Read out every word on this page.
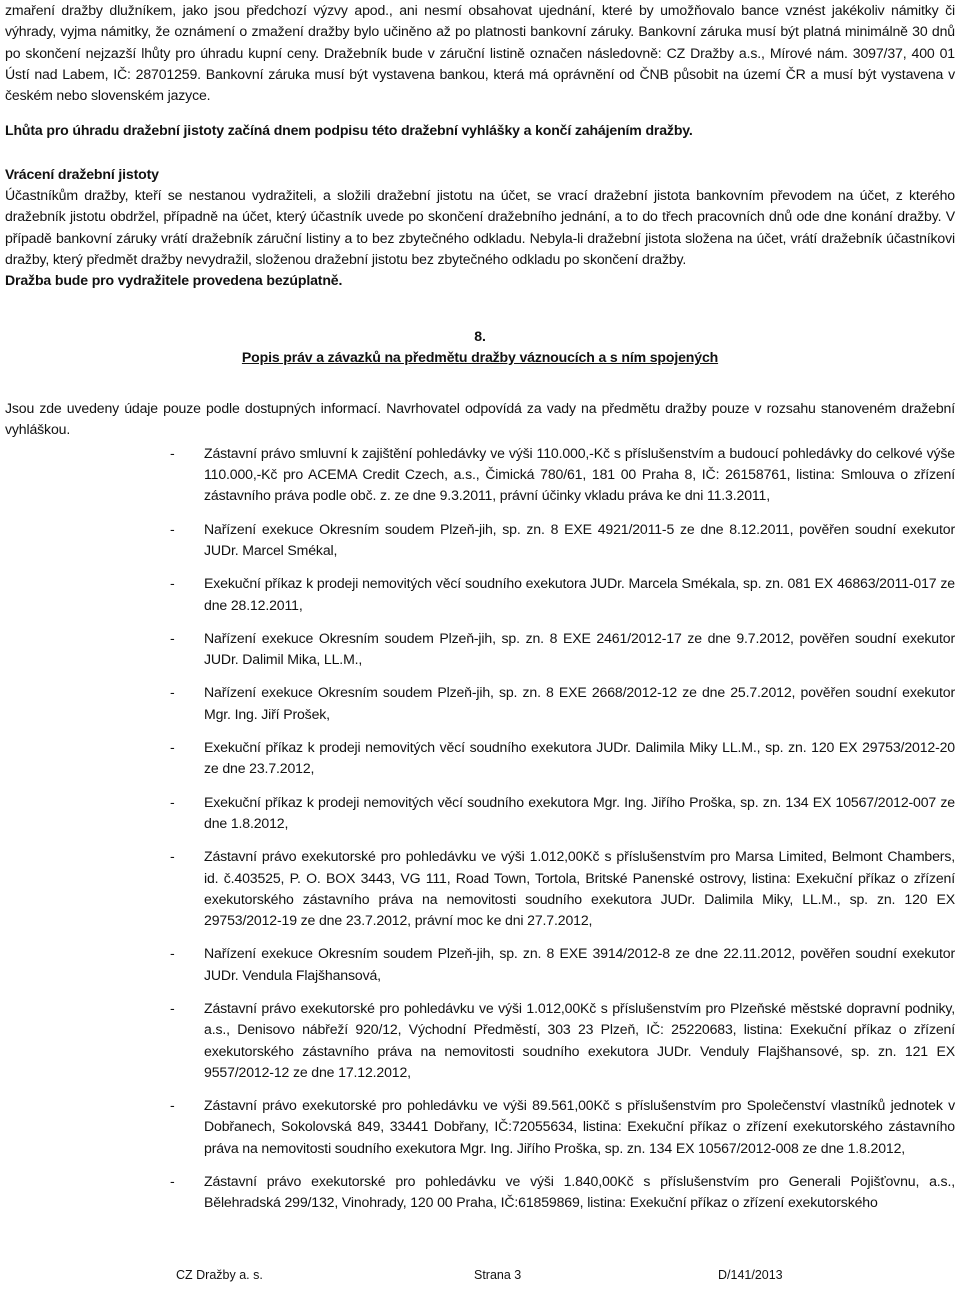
zmaření dražby dlužníkem, jako jsou předchozí výzvy apod., ani nesmí obsahovat ujednání, které by umožňovalo bance vznést jakékoliv námitky či výhrady, vyjma námitky, že oznámení o zmažení dražby bylo učiněno až po platnosti bankovní záruky. Bankovní záruka musí být platná minimálně 30 dnů po skončení nejzazší lhůty pro úhradu kupní ceny. Dražebník bude v záruční listině označen následovně: CZ Dražby a.s., Mírové nám. 3097/37, 400 01 Ústí nad Labem, IČ: 28701259. Bankovní záruka musí být vystavena bankou, která má oprávnění od ČNB působit na území ČR a musí být vystavena v českém nebo slovenském jazyce.

Lhůta pro úhradu dražební jistoty začíná dnem podpisu této dražební vyhlášky a končí zahájením dražby.

Vrácení dražební jistoty

Účastníkům dražby, kteří se nestanou vydražiteli, a složili dražební jistotu na účet, se vrací dražební jistota bankovním převodem na účet, z kterého dražebník jistotu obdržel, případně na účet, který účastník uvede po skončení dražebního jednání, a to do třech pracovních dnů ode dne konání dražby. V případě bankovní záruky vrátí dražebník záruční listiny a to bez zbytečného odkladu. Nebyla-li dražební jistota složena na účet, vrátí dražebník účastníkovi dražby, který předmět dražby nevydražil, složenou dražební jistotu bez zbytečného odkladu po skončení dražby.

Dražba bude pro vydražitele provedena bezúplatně.

8.

Popis práv a závazků na předmětu dražby váznoucích a s ním spojených

Jsou zde uvedeny údaje pouze podle dostupných informací. Navrhovatel odpovídá za vady na předmětu dražby pouze v rozsahu stanoveném dražební vyhláškou.

- Zástavní právo smluvní k zajištění pohledávky ve výši 110.000,-Kč s příslušenstvím a budoucí pohledávky do celkové výše 110.000,-Kč pro ACEMA Credit Czech, a.s., Čimická 780/61, 181 00 Praha 8, IČ: 26158761, listina: Smlouva o zřízení zástavního práva podle obč. z. ze dne 9.3.2011, právní účinky vkladu práva ke dni 11.3.2011,
- Nařízení exekuce Okresním soudem Plzeň-jih, sp. zn. 8 EXE 4921/2011-5 ze dne 8.12.2011, pověřen soudní exekutor JUDr. Marcel Smékal,
- Exekuční příkaz k prodeji nemovitých věcí soudního exekutora JUDr. Marcela Smékala, sp. zn. 081 EX 46863/2011-017 ze dne 28.12.2011,
- Nařízení exekuce Okresním soudem Plzeň-jih, sp. zn. 8 EXE 2461/2012-17 ze dne 9.7.2012, pověřen soudní exekutor JUDr. Dalimil Mika, LL.M.,
- Nařízení exekuce Okresním soudem Plzeň-jih, sp. zn. 8 EXE 2668/2012-12 ze dne 25.7.2012, pověřen soudní exekutor Mgr. Ing. Jiří Prošek,
- Exekuční příkaz k prodeji nemovitých věcí soudního exekutora JUDr. Dalimila Miky LL.M., sp. zn. 120 EX 29753/2012-20 ze dne 23.7.2012,
- Exekuční příkaz k prodeji nemovitých věcí soudního exekutora Mgr. Ing. Jiřího Proška, sp. zn. 134 EX 10567/2012-007 ze dne 1.8.2012,
- Zástavní právo exekutorské pro pohledávku ve výši 1.012,00Kč s příslušenstvím pro Marsa Limited, Belmont Chambers, id. č.403525, P. O. BOX 3443, VG 111, Road Town, Tortola, Britské Panenské ostrovy, listina: Exekuční příkaz o zřízení exekutorského zástavního práva na nemovitosti soudního exekutora JUDr. Dalimila Miky, LL.M., sp. zn. 120 EX 29753/2012-19 ze dne 23.7.2012, právní moc ke dni 27.7.2012,
- Nařízení exekuce Okresním soudem Plzeň-jih, sp. zn. 8 EXE 3914/2012-8 ze dne 22.11.2012, pověřen soudní exekutor JUDr. Vendula Flajšhansová,
- Zástavní právo exekutorské pro pohledávku ve výši 1.012,00Kč s příslušenstvím pro Plzeňské městské dopravní podniky, a.s., Denisovo nábřeží 920/12, Východní Předměstí, 303 23 Plzeň, IČ: 25220683, listina: Exekuční příkaz o zřízení exekutorského zástavního práva na nemovitosti soudního exekutora JUDr. Venduly Flajšhansové, sp. zn. 121 EX 9557/2012-12 ze dne 17.12.2012,
- Zástavní právo exekutorské pro pohledávku ve výši 89.561,00Kč s příslušenstvím pro Společenství vlastníků jednotek v Dobřanech, Sokolovská 849, 33441 Dobřany, IČ:72055634, listina: Exekuční příkaz o zřízení exekutorského zástavního práva na nemovitosti soudního exekutora Mgr. Ing. Jiřího Proška, sp. zn. 134 EX 10567/2012-008 ze dne 1.8.2012,
- Zástavní právo exekutorské pro pohledávku ve výši 1.840,00Kč s příslušenstvím pro Generali Pojišťovnu, a.s., Bělehradská 299/132, Vinohrady, 120 00 Praha, IČ:61859869, listina: Exekuční příkaz o zřízení exekutorského
CZ Dražby a. s.	Strana 3	D/141/2013
